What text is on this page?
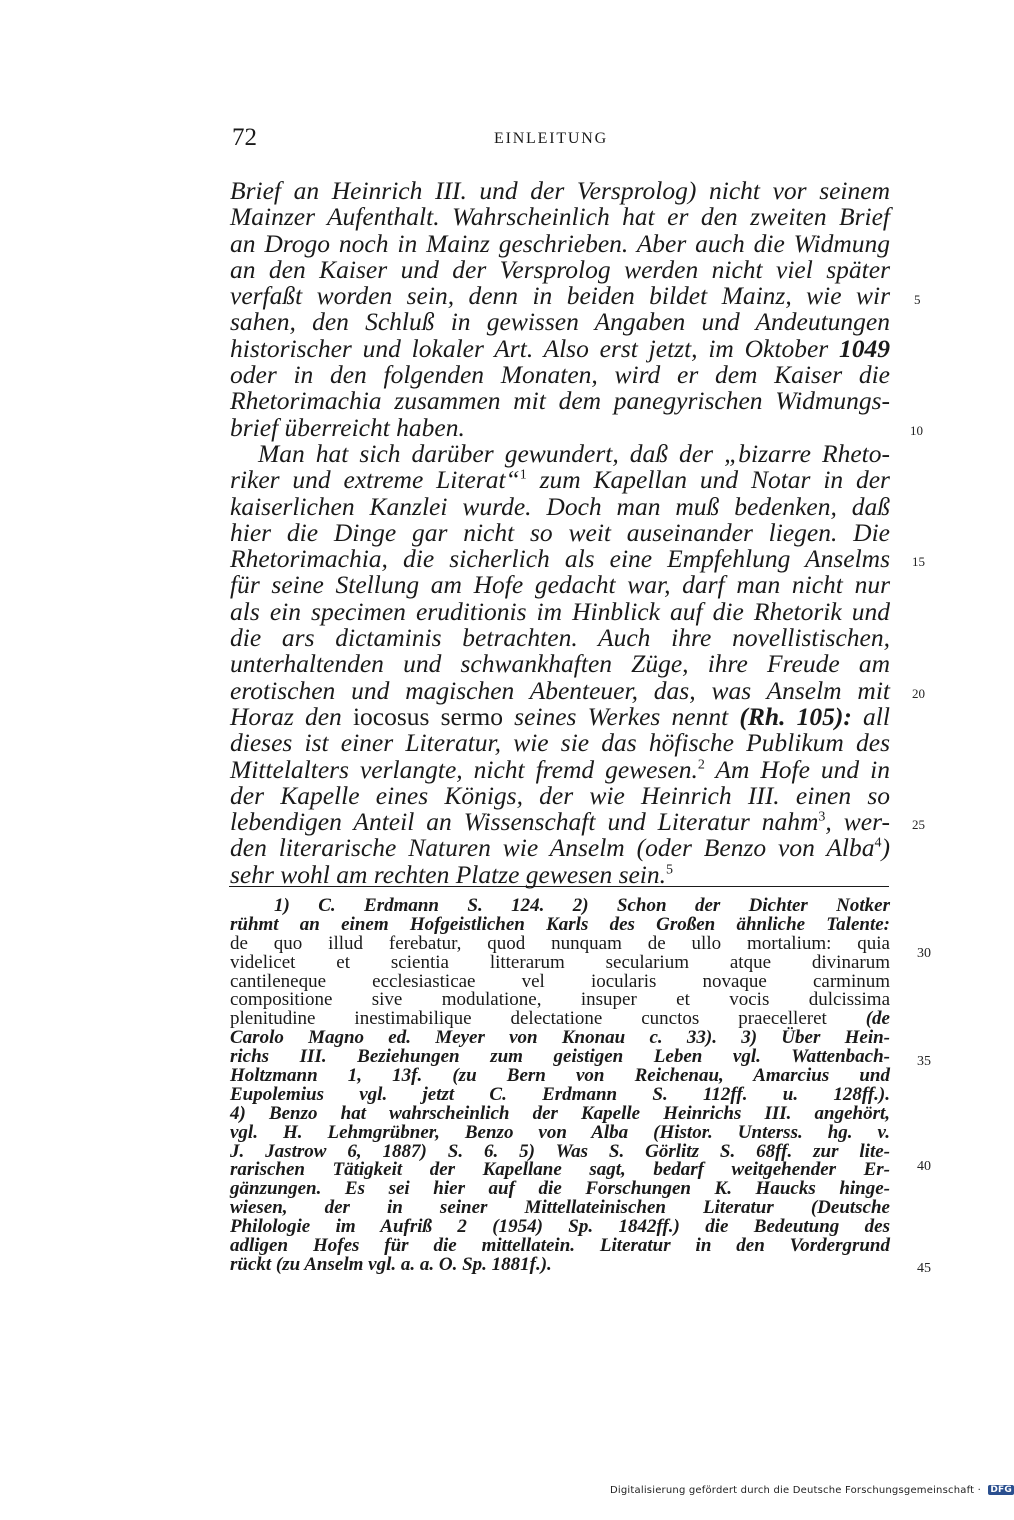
72	EINLEITUNG
Brief an Heinrich III. und der Versprolog) nicht vor seinem
Mainzer Aufenthalt. Wahrscheinlich hat er den zweiten Brief
an Drogo noch in Mainz geschrieben. Aber auch die Widmung
an den Kaiser und der Versprolog werden nicht viel später
verfaßt worden sein, denn in beiden bildet Mainz, wie wir
sahen, den Schluß in gewissen Angaben und Andeutungen
historischer und lokaler Art. Also erst jetzt, im Oktober 1049
oder in den folgenden Monaten, wird er dem Kaiser die
Rhetorimachia zusammen mit dem panegyrischen Widmungs-
brief überreicht haben.
Man hat sich darüber gewundert, daß der „bizarre Rheto-
riker und extreme Literat“$^1$ zum Kapellan und Notar in der
kaiserlichen Kanzlei wurde. Doch man muß bedenken, daß
hier die Dinge gar nicht so weit auseinander liegen. Die
Rhetorimachia, die sicherlich als eine Empfehlung Anselms
für seine Stellung am Hofe gedacht war, darf man nicht nur
als ein specimen eruditionis im Hinblick auf die Rhetorik und
die ars dictaminis betrachten. Auch ihre novellistischen,
unterhaltenden und schwankhaften Züge, ihre Freude am
erotischen und magischen Abenteuer, das, was Anselm mit
Horaz den iocosus sermo seines Werkes nennt (Rh. 105): all
dieses ist einer Literatur, wie sie das höfische Publikum des
Mittelalters verlangte, nicht fremd gewesen.$^2$ Am Hofe und in
der Kapelle eines Königs, der wie Heinrich III. einen so
lebendigen Anteil an Wissenschaft und Literatur nahm$^3$, wer-
den literarische Naturen wie Anselm (oder Benzo von Alba$^4$)
sehr wohl am rechten Platze gewesen sein.$^5$
5
10
15
20
25
1) C. Erdmann S. 124. 2) Schon der Dichter Notker
rühmt an einem Hofgeistlichen Karls des Großen ähnliche Talente:
de quo illud ferebatur, quod nunquam de ullo mortalium: quia
videlicet et scientia litterarum secularium atque divinarum
cantileneque ecclesiasticae vel iocularis novaque carminum
compositione sive modulatione, insuper et vocis dulcissima
plenitudine inestimabilique delectatione cunctos praecelleret (de
Carolo Magno ed. Meyer von Knonau c. 33). 3) Über Hein-
richs III. Beziehungen zum geistigen Leben vgl. Wattenbach-
Holtzmann 1, 13f. (zu Bern von Reichenau, Amarcius und
Eupolemius vgl. jetzt C. Erdmann S. 112ff. u. 128ff.).
4) Benzo hat wahrscheinlich der Kapelle Heinrichs III. angehört,
vgl. H. Lehmgrübner, Benzo von Alba (Histor. Unterss. hg. v.
J. Jastrow 6, 1887) S. 6. 5) Was S. Görlitz S. 68ff. zur lite-
rarischen Tätigkeit der Kapellane sagt, bedarf weitgehender Er-
gänzungen. Es sei hier auf die Forschungen K. Haucks hinge-
wiesen, der in seiner Mittellateinischen Literatur (Deutsche
Philologie im Aufriß 2 (1954) Sp. 1842ff.) die Bedeutung des
adligen Hofes für die mittellatein. Literatur in den Vordergrund
rückt (zu Anselm vgl. a. a. O. Sp. 1881f.).
30
35
40
45
Digitalisierung gefördert durch die Deutsche Forschungsgemeinschaft · DFG
